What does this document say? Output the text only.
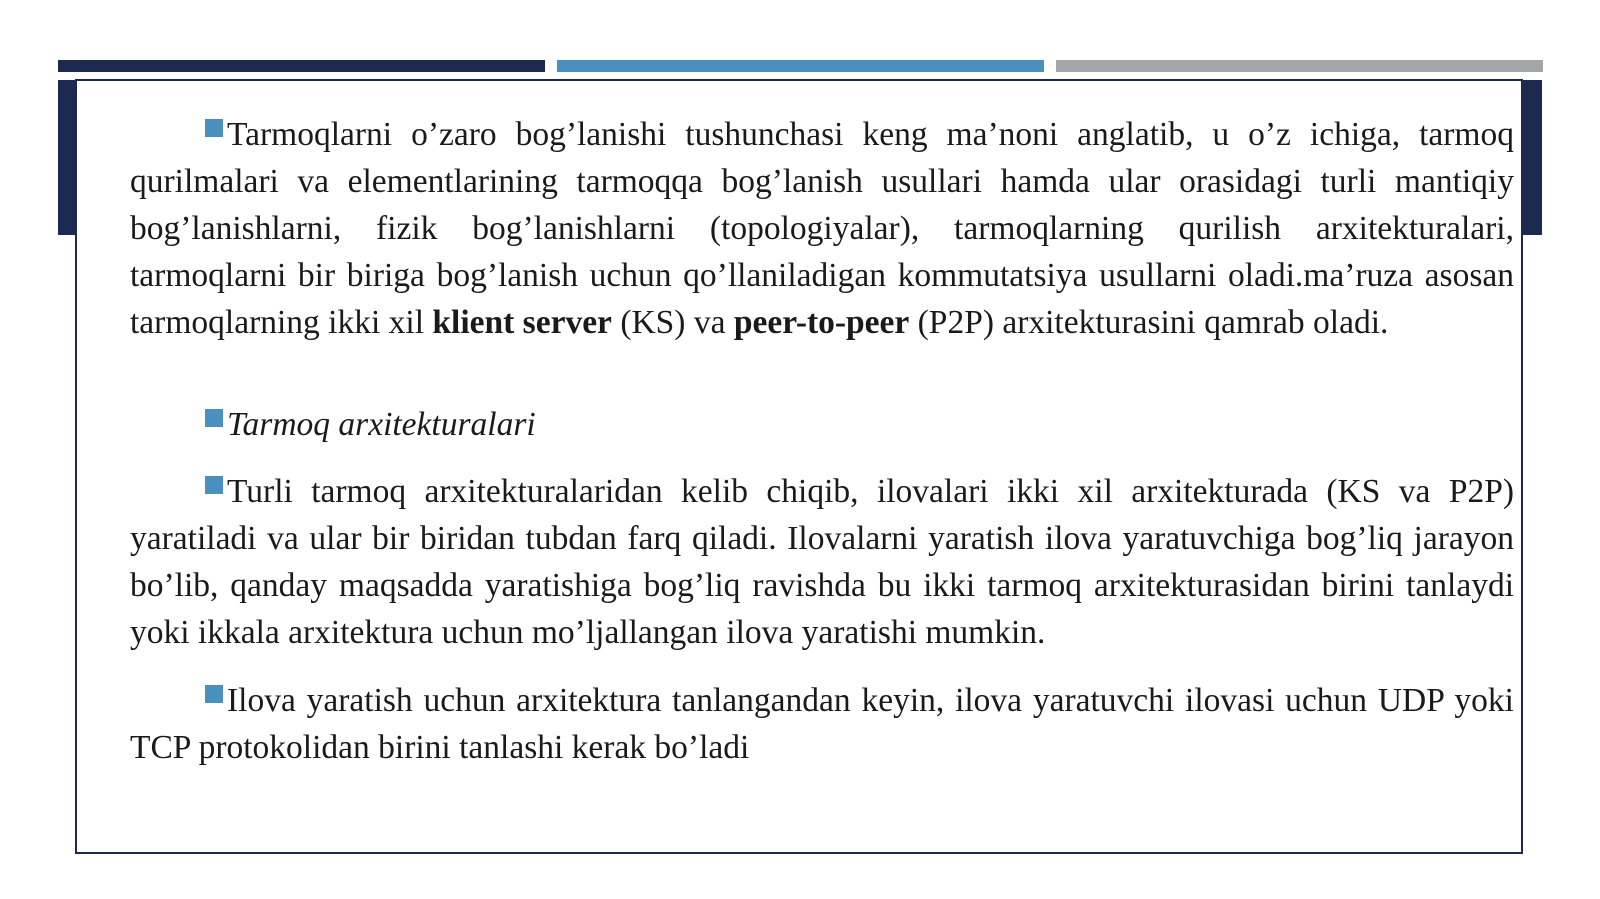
Tarmoqlarni o’zaro bog’lanishi tushunchasi keng ma’noni anglatib, u o’z ichiga, tarmoq qurilmalari va elementlarining tarmoqqa bog’lanish usullari hamda ular orasidagi turli mantiqiy bog’lanishlarni, fizik bog’lanishlarni (topologiyalar), tarmoqlarning qurilish arxitekturalari, tarmoqlarni bir biriga bog’lanish uchun qo’llaniladigan kommutatsiya usullarni oladi.ma’ruza asosan tarmoqlarning ikki xil klient server (KS) va peer-to-peer (P2P) arxitekturasini qamrab oladi.

Tarmoq arxitekturalari

Turli tarmoq arxitekturalaridan kelib chiqib, ilovalari ikki xil arxitekturada (KS va P2P) yaratiladi va ular bir biridan tubdan farq qiladi. Ilovalarni yaratish ilova yaratuvchiga bog’liq jarayon bo’lib, qanday maqsadda yaratishiga bog’liq ravishda bu ikki tarmoq arxitekturasidan birini tanlaydi yoki ikkala arxitektura uchun mo’ljallangan ilova yaratishi mumkin.

Ilova yaratish uchun arxitektura tanlangandan keyin, ilova yaratuvchi ilovasi uchun UDP yoki TCP protokolidan birini tanlashi kerak bo’ladi
